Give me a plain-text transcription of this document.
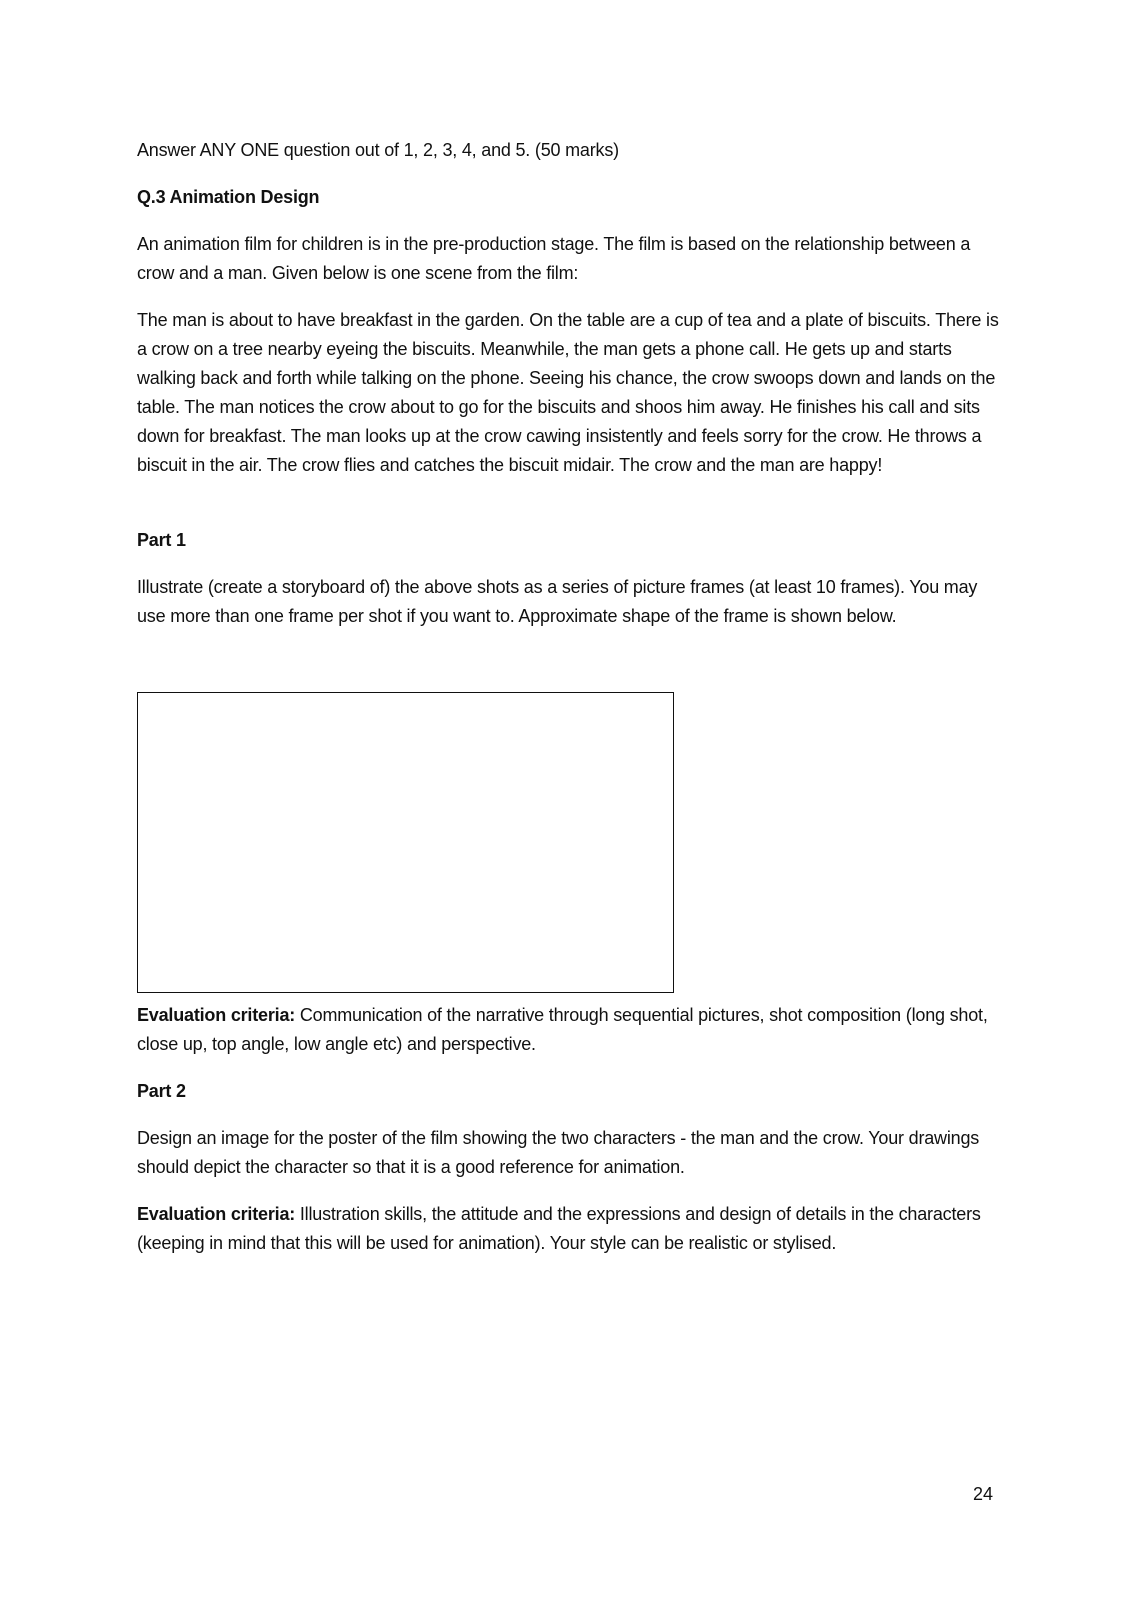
Answer ANY ONE question out of 1, 2, 3, 4, and 5. (50 marks)

Q.3 Animation Design

An animation film for children is in the pre-production stage. The film is based on the relationship between a crow and a man. Given below is one scene from the film:

The man is about to have breakfast in the garden. On the table are a cup of tea and a plate of biscuits. There is a crow on a tree nearby eyeing the biscuits. Meanwhile, the man gets a phone call. He gets up and starts walking back and forth while talking on the phone. Seeing his chance, the crow swoops down and lands on the table. The man notices the crow about to go for the biscuits and shoos him away. He finishes his call and sits down for breakfast. The man looks up at the crow cawing insistently and feels sorry for the crow. He throws a biscuit in the air. The crow flies and catches the biscuit midair. The crow and the man are happy!

Part 1

Illustrate (create a storyboard of) the above shots as a series of picture frames (at least 10 frames). You may use more than one frame per shot if you want to. Approximate shape of the frame is shown below.

Evaluation criteria: Communication of the narrative through sequential pictures, shot composition (long shot, close up, top angle, low angle etc) and perspective.

Part 2

Design an image for the poster of the film showing the two characters - the man and the crow. Your drawings should depict the character so that it is a good reference for animation.

Evaluation criteria: Illustration skills, the attitude and the expressions and design of details in the characters (keeping in mind that this will be used for animation). Your style can be realistic or stylised.

24
